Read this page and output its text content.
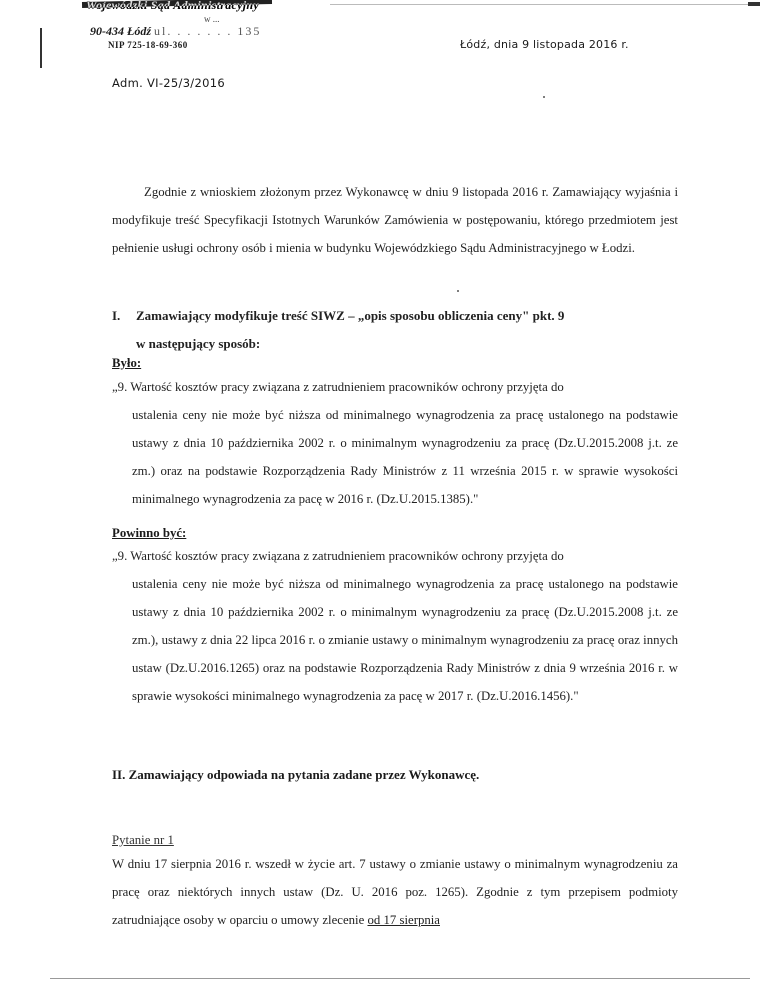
Wojewódzki Sąd Administracyjny
w ...
90-434 Łódź ul. . . . . . . 135
NIP 725-18-69-360	Łódź, dnia 9 listopada 2016 r.
Adm. VI-25/3/2016
Zgodnie z wnioskiem złożonym przez Wykonawcę w dniu 9 listopada 2016 r. Zamawiający wyjaśnia i modyfikuje treść Specyfikacji Istotnych Warunków Zamówienia w postępowaniu, którego przedmiotem jest pełnienie usługi ochrony osób i mienia w budynku Wojewódzkiego Sądu Administracyjnego w Łodzi.
I. Zamawiający modyfikuje treść SIWZ – „opis sposobu obliczenia ceny" pkt. 9
w następujący sposób:
Było:
„9. Wartość kosztów pracy związana z zatrudnieniem pracowników ochrony przyjęta do
ustalenia ceny nie może być niższa od minimalnego wynagrodzenia za pracę ustalonego na podstawie ustawy z dnia 10 października 2002 r. o minimalnym wynagrodzeniu za pracę (Dz.U.2015.2008 j.t. ze zm.) oraz na podstawie Rozporządzenia Rady Ministrów z 11 września 2015 r. w sprawie wysokości minimalnego wynagrodzenia za pacę w 2016 r. (Dz.U.2015.1385)."
Powinno być:
„9. Wartość kosztów pracy związana z zatrudnieniem pracowników ochrony przyjęta do
ustalenia ceny nie może być niższa od minimalnego wynagrodzenia za pracę ustalonego na podstawie ustawy z dnia 10 października 2002 r. o minimalnym wynagrodzeniu za pracę (Dz.U.2015.2008 j.t. ze zm.), ustawy z dnia 22 lipca 2016 r. o zmianie ustawy o minimalnym wynagrodzeniu za pracę oraz innych ustaw (Dz.U.2016.1265) oraz na podstawie Rozporządzenia Rady Ministrów z dnia 9 września 2016 r. w sprawie wysokości minimalnego wynagrodzenia za pacę w 2017 r. (Dz.U.2016.1456)."
II. Zamawiający odpowiada na pytania zadane przez Wykonawcę.
Pytanie nr 1
W dniu 17 sierpnia 2016 r. wszedł w życie art. 7 ustawy o zmianie ustawy o minimalnym wynagrodzeniu za pracę oraz niektórych innych ustaw (Dz. U. 2016 poz. 1265). Zgodnie z tym przepisem podmioty zatrudniające osoby w oparciu o umowy zlecenie od 17 sierpnia
